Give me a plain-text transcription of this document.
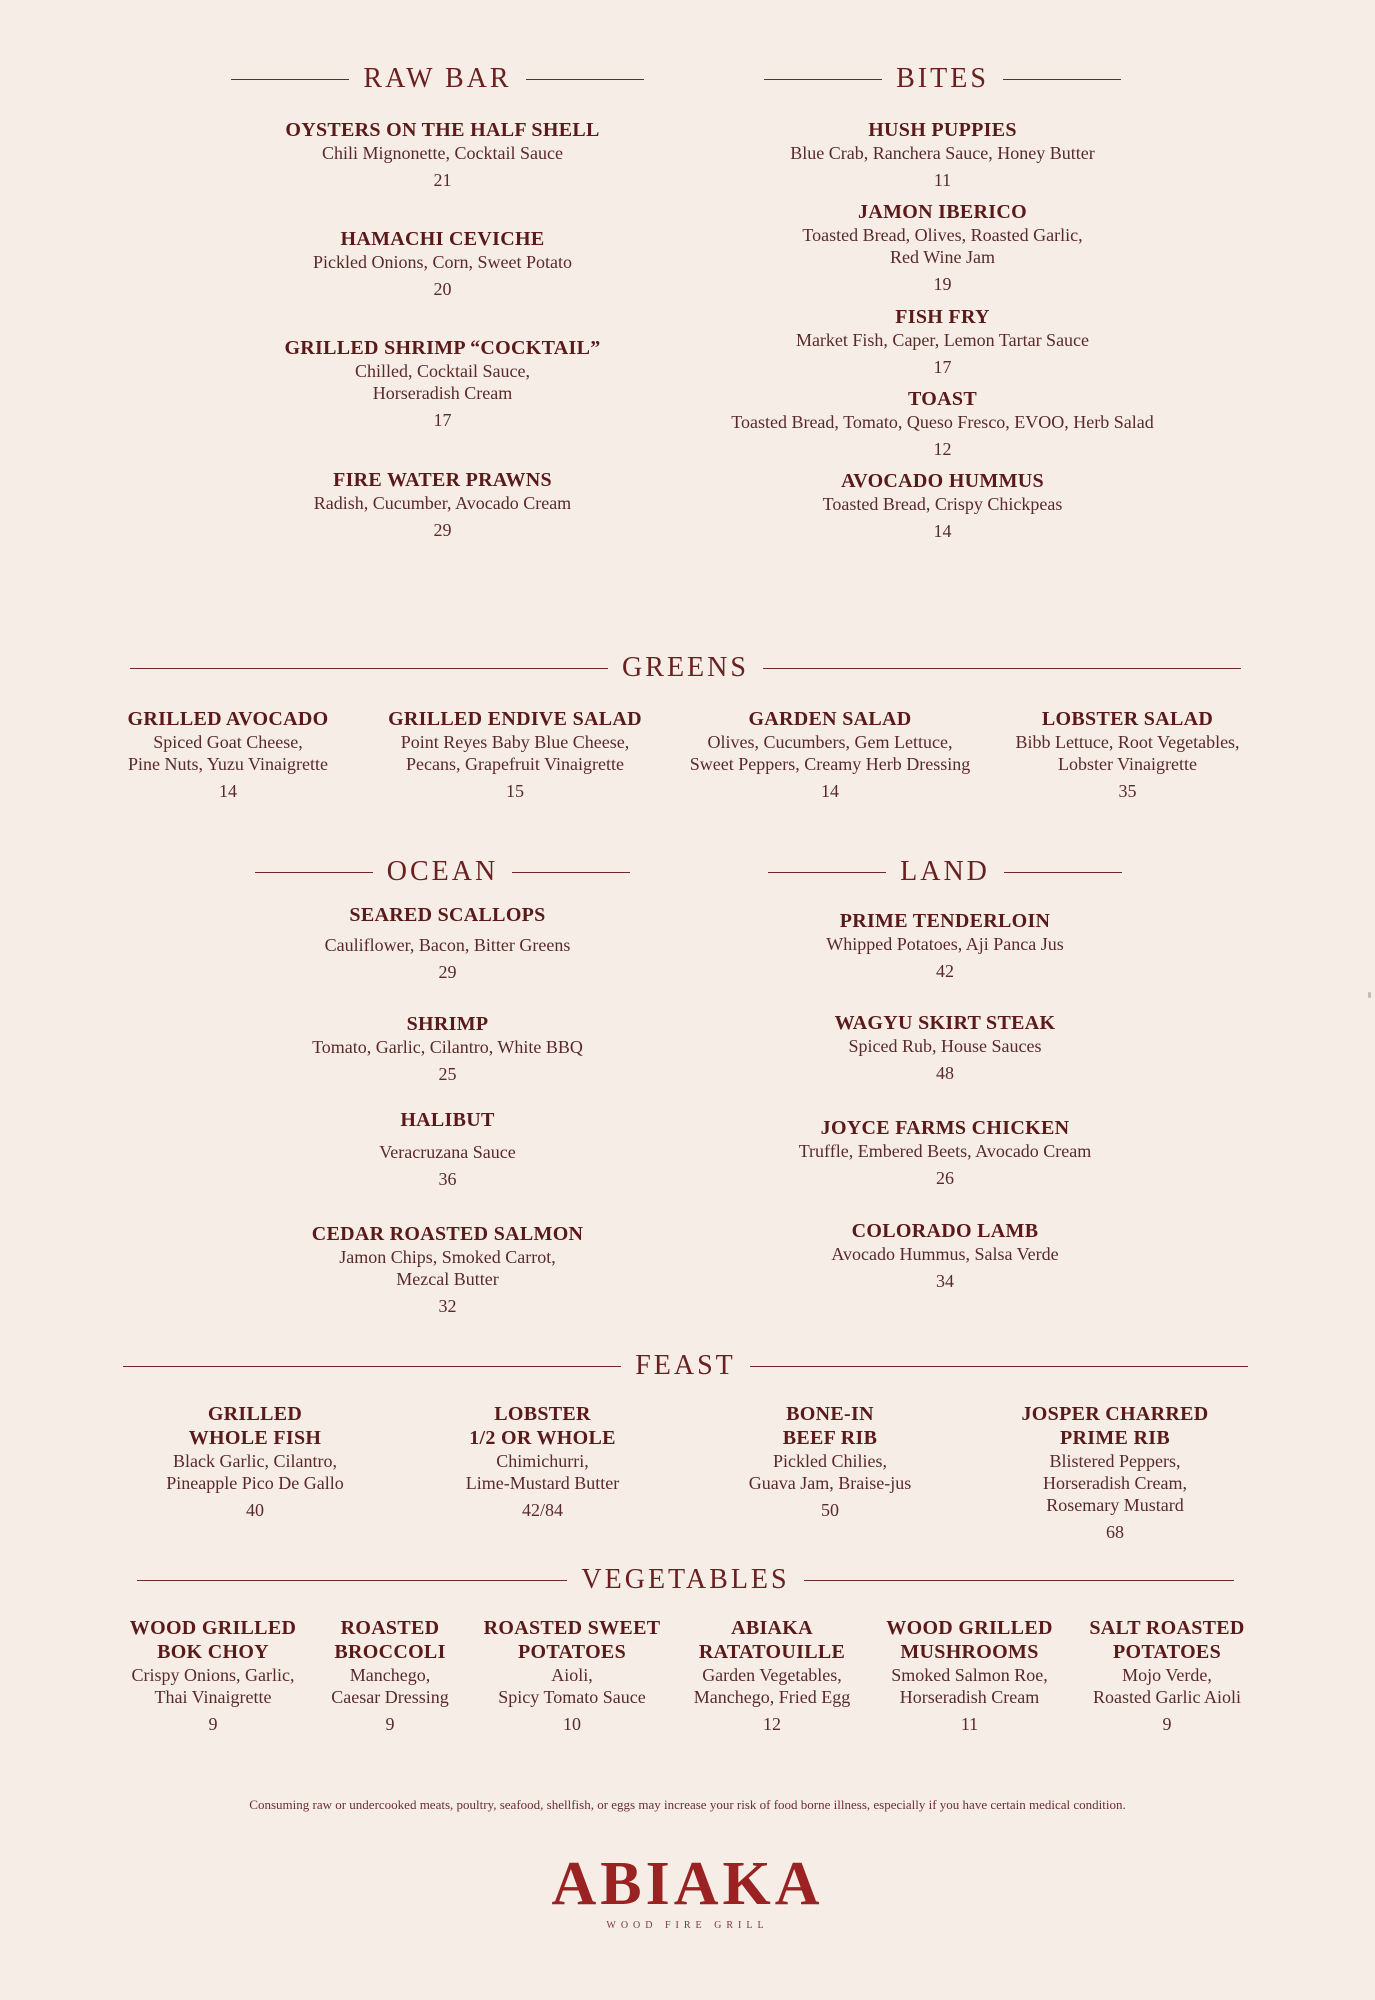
RAW BAR
OYSTERS ON THE HALF SHELL
Chili Mignonette, Cocktail Sauce
21
HAMACHI CEVICHE
Pickled Onions, Corn, Sweet Potato
20
GRILLED SHRIMP “COCKTAIL”
Chilled, Cocktail Sauce,
Horseradish Cream
17
FIRE WATER PRAWNS
Radish, Cucumber, Avocado Cream
29
BITES
HUSH PUPPIES
Blue Crab, Ranchera Sauce, Honey Butter
11
JAMON IBERICO
Toasted Bread, Olives, Roasted Garlic,
Red Wine Jam
19
FISH FRY
Market Fish, Caper, Lemon Tartar Sauce
17
TOAST
Toasted Bread, Tomato, Queso Fresco, EVOO, Herb Salad
12
AVOCADO HUMMUS
Toasted Bread, Crispy Chickpeas
14
GREENS
GRILLED AVOCADO
Spiced Goat Cheese,
Pine Nuts, Yuzu Vinaigrette
14
GRILLED ENDIVE SALAD
Point Reyes Baby Blue Cheese,
Pecans, Grapefruit Vinaigrette
15
GARDEN SALAD
Olives, Cucumbers, Gem Lettuce,
Sweet Peppers, Creamy Herb Dressing
14
LOBSTER SALAD
Bibb Lettuce, Root Vegetables,
Lobster Vinaigrette
35
OCEAN
SEARED SCALLOPS
Cauliflower, Bacon, Bitter Greens
29
SHRIMP
Tomato, Garlic, Cilantro, White BBQ
25
HALIBUT
Veracruzana Sauce
36
CEDAR ROASTED SALMON
Jamon Chips, Smoked Carrot,
Mezcal Butter
32
LAND
PRIME TENDERLOIN
Whipped Potatoes, Aji Panca Jus
42
WAGYU SKIRT STEAK
Spiced Rub, House Sauces
48
JOYCE FARMS CHICKEN
Truffle, Embered Beets, Avocado Cream
26
COLORADO LAMB
Avocado Hummus, Salsa Verde
34
FEAST
GRILLED
WHOLE FISH
Black Garlic, Cilantro,
Pineapple Pico De Gallo
40
LOBSTER
1/2 OR WHOLE
Chimichurri,
Lime-Mustard Butter
42/84
BONE-IN
BEEF RIB
Pickled Chilies,
Guava Jam, Braise-jus
50
JOSPER CHARRED
PRIME RIB
Blistered Peppers,
Horseradish Cream,
Rosemary Mustard
68
VEGETABLES
WOOD GRILLED
BOK CHOY
Crispy Onions, Garlic,
Thai Vinaigrette
9
ROASTED
BROCCOLI
Manchego,
Caesar Dressing
9
ROASTED SWEET
POTATOES
Aioli,
Spicy Tomato Sauce
10
ABIAKA
RATATOUILLE
Garden Vegetables,
Manchego, Fried Egg
12
WOOD GRILLED
MUSHROOMS
Smoked Salmon Roe,
Horseradish Cream
11
SALT ROASTED
POTATOES
Mojo Verde,
Roasted Garlic Aioli
9
Consuming raw or undercooked meats, poultry, seafood, shellfish, or eggs may increase your risk of food borne illness, especially if you have certain medical condition.
ABIAKA
WOOD FIRE GRILL
